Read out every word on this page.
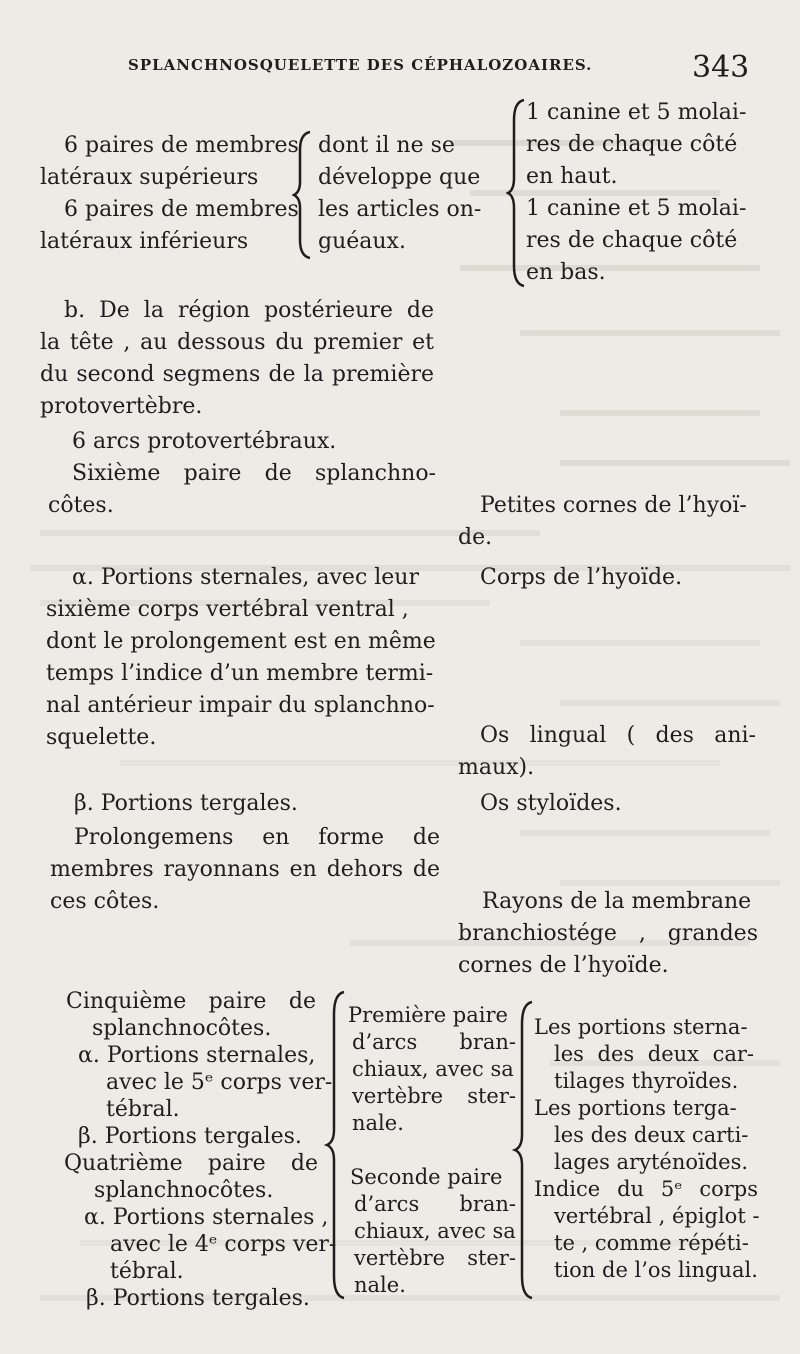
SPLANCHNOSQUELETTE DES CÉPHALOZOAIRES.	343
6 paires de membres
latéraux supérieurs
6 paires de membres
latéraux inférieurs
dont il ne se
développe que
les articles on-
guéaux.
1 canine et 5 molai-
res de chaque côté
en haut.
1 canine et 5 molai-
res de chaque côté
en bas.
b. De la région postérieure de
la tête , au dessous du premier et
du second segmens de la première
protovertèbre.
6 arcs protovertébraux.
Sixième paire de splanchno-
côtes.
α. Portions sternales, avec leur
sixième corps vertébral ventral ,
dont le prolongement est en même
temps l’indice d’un membre termi-
nal antérieur impair du splanchno-
squelette.
β. Portions tergales.
Prolongemens en forme de
membres rayonnans en dehors de
ces côtes.
Petites cornes de l’hyoï-
de.
Corps de l’hyoïde.
Os lingual ( des ani-
maux).
Os styloïdes.
Rayons de la membrane
branchiostége , grandes
cornes de l’hyoïde.
Cinquième paire de
splanchnocôtes.
α. Portions sternales,
avec le 5ᵉ corps ver-
tébral.
β. Portions tergales.
Quatrième paire de
splanchnocôtes.
α. Portions sternales ,
avec le 4ᵉ corps ver-
tébral.
β. Portions tergales.
Première paire
d’arcs bran-
chiaux, avec sa
vertèbre ster-
nale.
Seconde paire
d’arcs bran-
chiaux, avec sa
vertèbre ster-
nale.
Les portions sterna-
les des deux car-
tilages thyroïdes.
Les portions terga-
les des deux carti-
lages aryténoïdes.
Indice du 5ᵉ corps
vertébral , épiglot -
te , comme répéti-
tion de l’os lingual.
